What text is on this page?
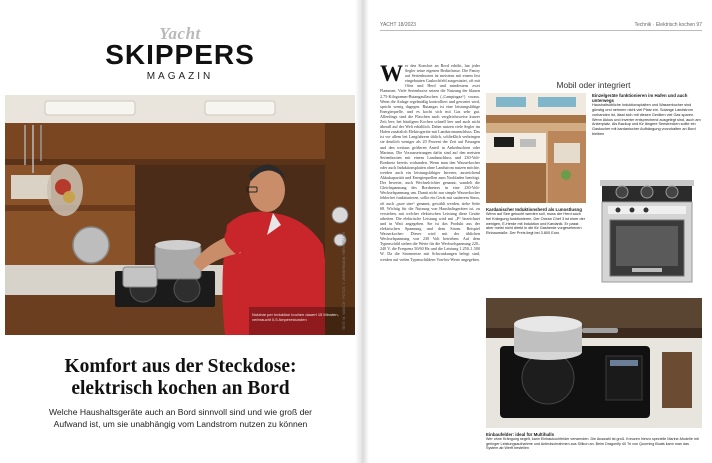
Yacht
SKIPPERS
MAGAZIN
Nutzbar per Induktion kochen dauert 15 Minuten, verbraucht 0,5 Amperestunden
Komfort aus der Steckdose:
elektrisch kochen an Bord
Welche Haushaltsgeräte auch an Bord sinnvoll sind und wie groß der
Aufwand ist, um sie unabhängig vom Landstrom nutzen zu können
TEXT: M. WÄSCH · FOTOS: Y. ZIMMERMANN, HERSTELLER
YACHT 18/2023	Technik · Elektrisch kochen 97

W er den Komfort an Bord erhöht, hat jeder Segler seine eigenen Bedürfnisse. Die Pantry auf Serienbooten ist meistens mit einem fest eingebauten Gaskochfeld ausgestattet, oft mit Ofen und Herd und mindestens zwei Flammen. Viele Serienboote setzen die Nutzung der blauen 2,75-Kilogramm-Butangasflaschen („Campingaz“) voraus. Wenn die Anlage regelmäßig kontrolliert und gewartet wird, spricht wenig dagegen. Butangas ist eine leistungsfähige Energiequelle, und es kocht sich mit Gas sehr gut. Allerdings sind die Flaschen nach vergleichsweise kurzer Zeit leer, bei häufigem Kochen schnell leer und auch nicht überall auf der Welt erhältlich. Daher nutzen viele Segler im Hafen zusätzlich Elektrogeräte mit Landstromanschluss. Das ist vor allem bei Langfahrern üblich, schließlich verbringen sie deutlich weniger als 20 Prozent der Zeit auf Passagen und den weitaus größeren Anteil in Ankerbuchten oder Marinas. Die Voraussetzungen dafür sind auf den meisten Serienbooten mit einem Landanschluss und 230-Volt-Bordnetz bereits vorhanden. Wenn man den Wasserkocher oder auch Induktionsplatten ohne Landstrom nutzen möchte, werden auch ein leistungsfähiger Inverter, ausreichend Akkukapazität und Energiequellen zum Nachladen benötigt. Der Inverter, auch Wechselrichter genannt, wandelt die Gleichspannung des Bordnetzes in eine 230-Volt-Wechselspannung um. Damit nicht nur simple Wasserkocher fehlerfrei funktionieren, sollte ein Gerät mit sauberem Sinus, oft auch „pure sine“ genannt, gewählt werden, siehe Seite 68. Wichtig für die Nutzung von Haushaltsgeräten ist, zu verstehen, mit welcher elektrischen Leistung diese Geräte arbeiten. Die elektrische Leistung wird mit „P“ bezeichnet und in Watt angegeben. Sie ist das Produkt aus der elektrischen Spannung und dem Strom. Beispiel Wasserkocher: Dieser wird mit der üblichen Wechselspannung von 230 Volt betrieben. Auf dem Typenschild stehen die Werte für die Wechselspannung 220–240 V, die Frequenz 50/60 Hz und die Leistung 1.250–1.500 W. Da die Stromnetze mit Schwankungen belegt sind, werden auf vielen Typenschildern Von-bis-Werte angegeben.

Mobil oder integriert
Einzelgeräte funktionieren im Hafen und auch unterwegs
Haushaltsübliche Induktionsplatten und Wasserkocher sind günstig und nehmen nicht viel Platz ein. Solange Landstrom vorhanden ist, lässt sich mit diesen Geräten viel Gas sparen. Wenn Akkus und Inverter entsprechend ausgelegt sind, auch am Ankerplatz. Als Backup und für längere Seestrecken sollte ein Gaskocher mit kardanischer Aufhängung vorzuhalten an Bord bleiben
Kardanischer Induktionsherd als Lunostlusng
Wenn auf See gekocht werden soll, muss der Herd auch bei Krängung funktionieren. Der Ocean Chef 3 ist einer der wenigen, E-Herde mit Induktion und Kardanik. Er passt aber meist nicht direkt in die für Gasherde vorgesehenen Einbaumaße. Der Preis liegt bei 3.800 Euro
Einbaufelder: ideal für Multihulls
Wer ohne Krängung segelt, kann Einbaukochfelder verwenden. Die Auswahl ist groß. Kreuzen hierzu spezielle Marine-Modelle mit geringer Leistungsaufnahme und Antirutschrahmen aus Silikon an. Beim Dragonfly 40 Tri von Quorning Boats kann man das System ab Werft bestellen
